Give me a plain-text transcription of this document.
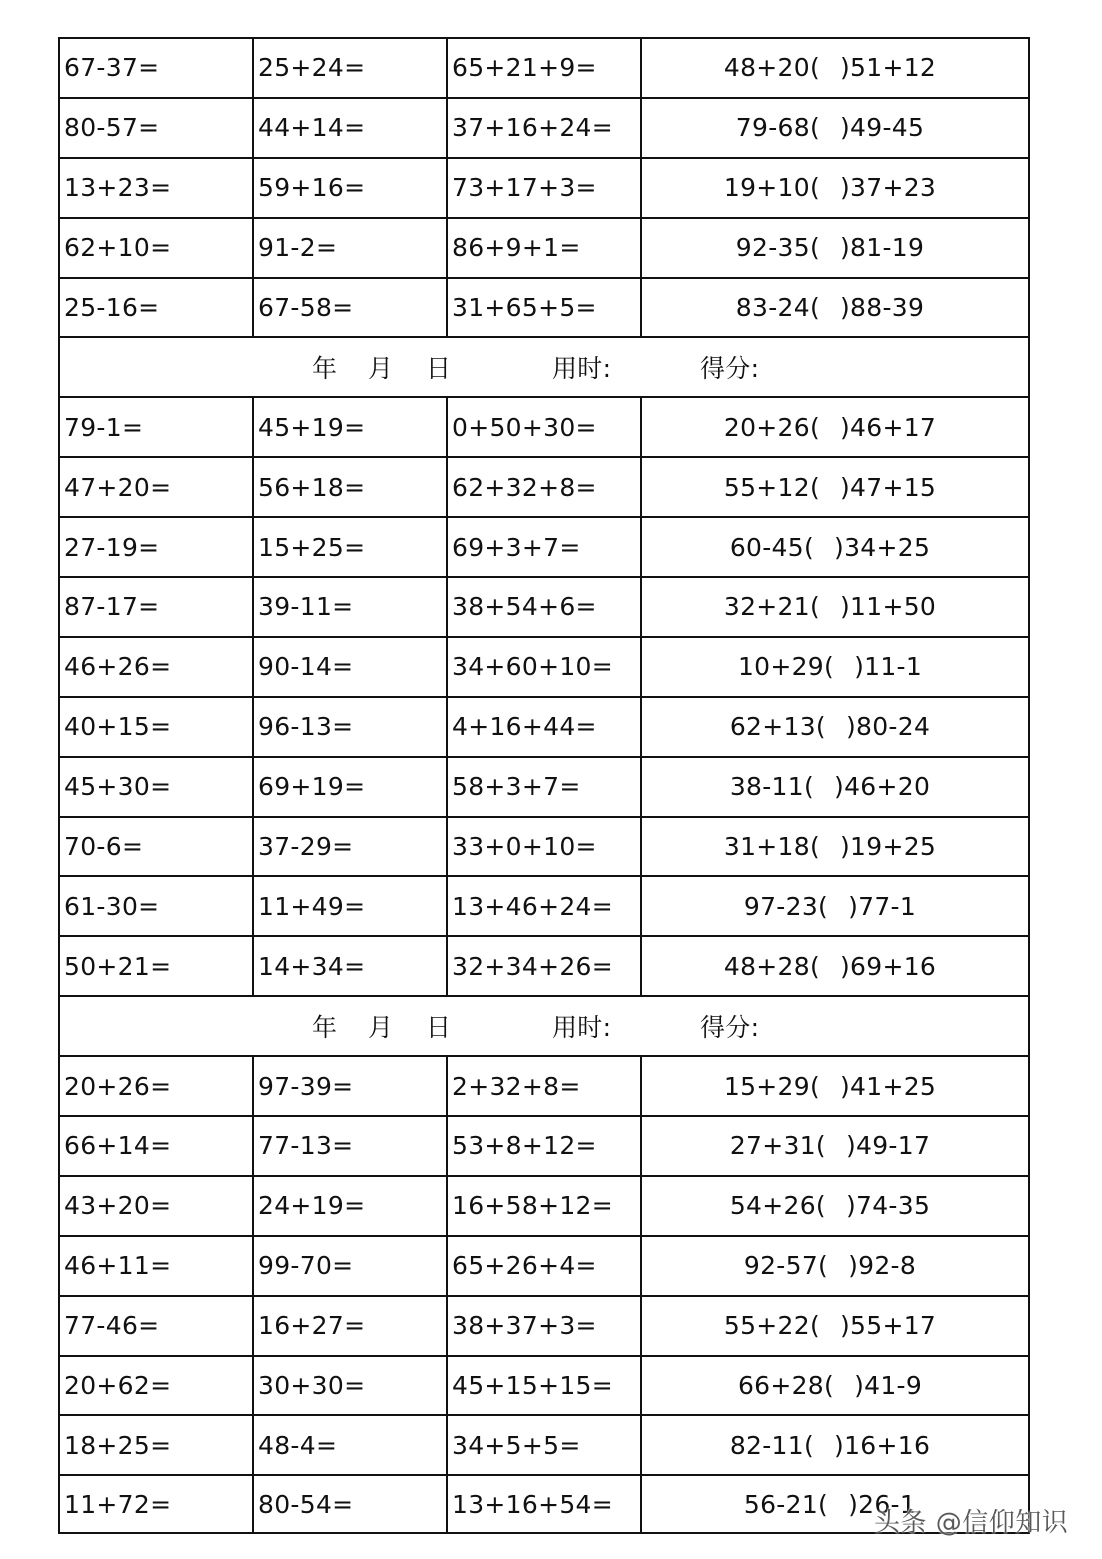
67-37=	25+24=	65+21+9=	48+20( )51+12
80-57=	44+14=	37+16+24=	79-68( )49-45
13+23=	59+16=	73+17+3=	19+10( )37+23
62+10=	91-2=	86+9+1=	92-35( )81-19
25-16=	67-58=	31+65+5=	83-24( )88-39
年 月 日	用时:	得分:
79-1=	45+19=	0+50+30=	20+26( )46+17
47+20=	56+18=	62+32+8=	55+12( )47+15
27-19=	15+25=	69+3+7=	60-45( )34+25
87-17=	39-11=	38+54+6=	32+21( )11+50
46+26=	90-14=	34+60+10=	10+29( )11-1
40+15=	96-13=	4+16+44=	62+13( )80-24
45+30=	69+19=	58+3+7=	38-11( )46+20
70-6=	37-29=	33+0+10=	31+18( )19+25
61-30=	11+49=	13+46+24=	97-23( )77-1
50+21=	14+34=	32+34+26=	48+28( )69+16
年 月 日	用时:	得分:
20+26=	97-39=	2+32+8=	15+29( )41+25
66+14=	77-13=	53+8+12=	27+31( )49-17
43+20=	24+19=	16+58+12=	54+26( )74-35
46+11=	99-70=	65+26+4=	92-57( )92-8
77-46=	16+27=	38+37+3=	55+22( )55+17
20+62=	30+30=	45+15+15=	66+28( )41-9
18+25=	48-4=	34+5+5=	82-11( )16+16
11+72=	80-54=	13+16+54=	56-21( )26-1
头条 @信仰知识
